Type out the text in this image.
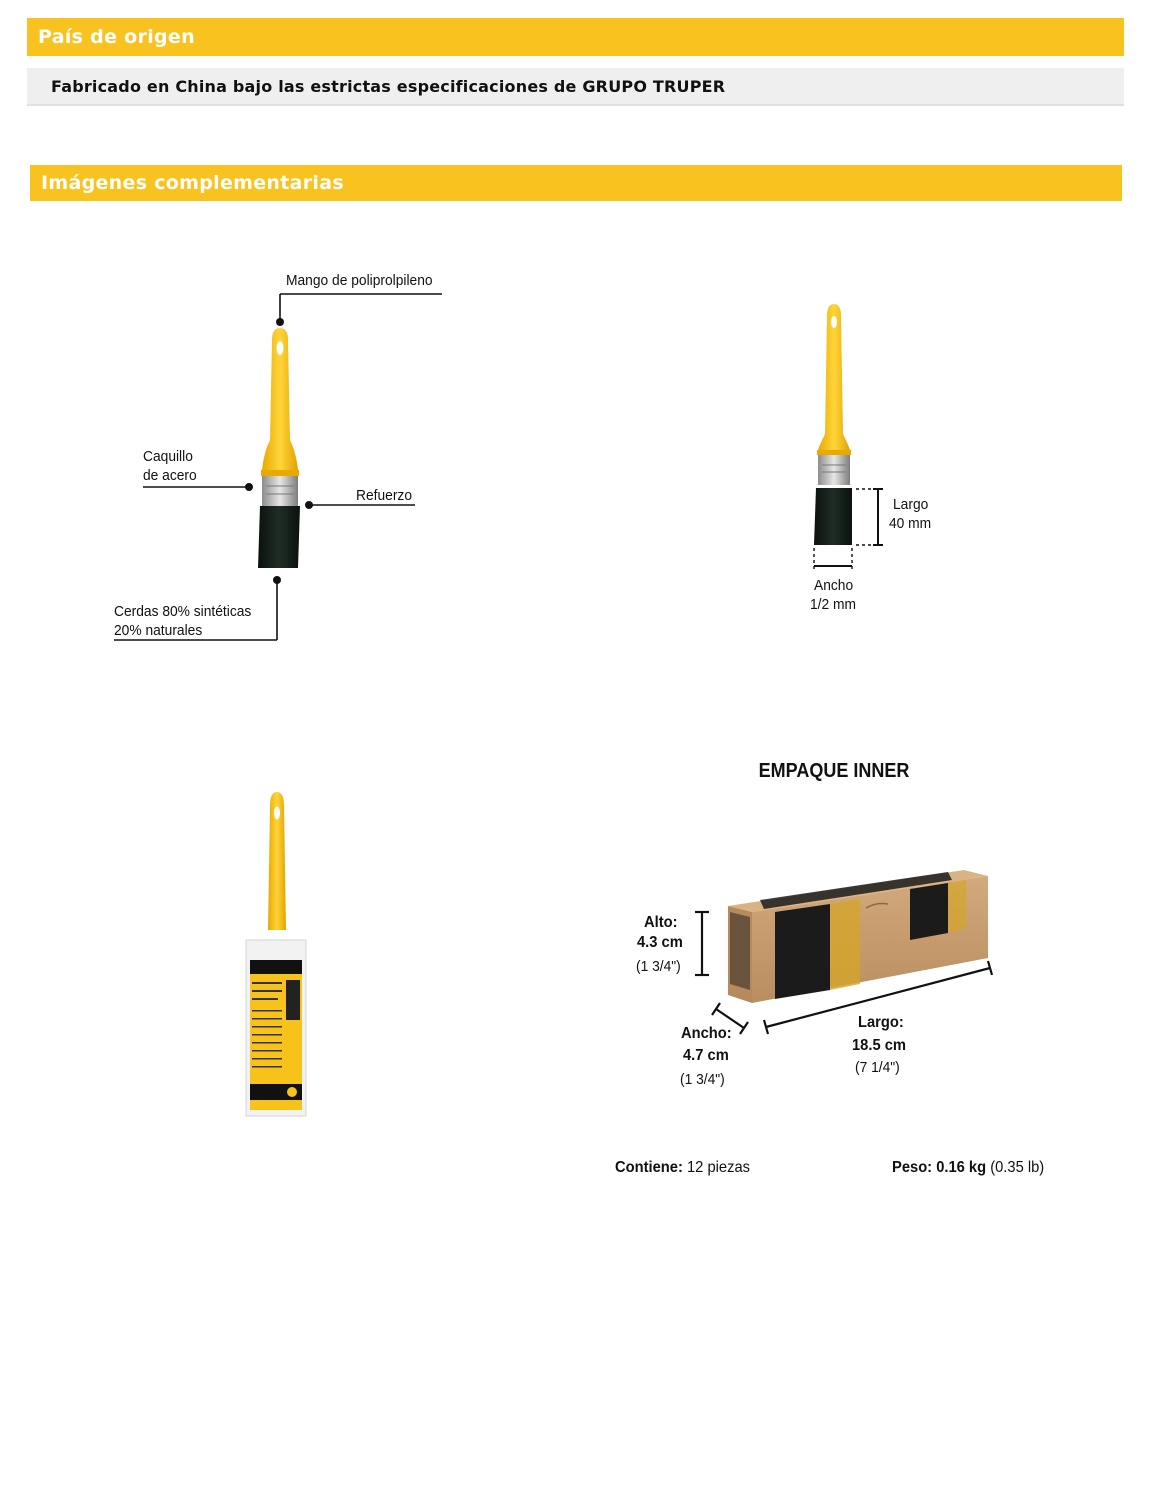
País de origen
Fabricado en China bajo las estrictas especificaciones de GRUPO TRUPER
Imágenes complementarias
Mango de poliprolpileno
Caquillo
de acero
Refuerzo
Cerdas 80% sintéticas
20% naturales
Largo
40 mm
Ancho
1/2 mm
EMPAQUE INNER
Alto:
4.3 cm
(1 3/4")
Ancho:
4.7 cm
(1 3/4")
Largo:
18.5 cm
(7 1/4")
Contiene: 12 piezas	Peso: 0.16 kg (0.35 lb)
